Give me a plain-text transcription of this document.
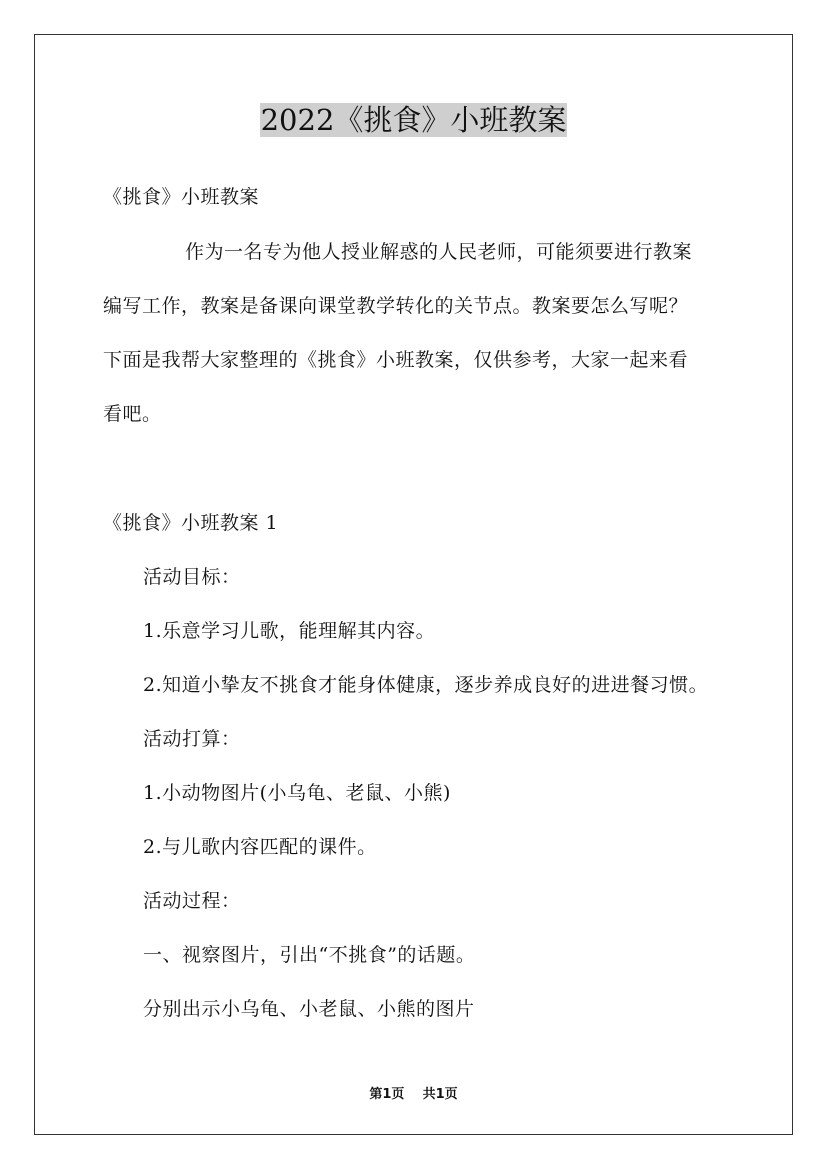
2022《挑食》小班教案
《挑食》小班教案
作为一名专为他人授业解惑的人民老师，可能须要进行教案
编写工作，教案是备课向课堂教学转化的关节点。教案要怎么写呢？
下面是我帮大家整理的《挑食》小班教案，仅供参考，大家一起来看
看吧。
《挑食》小班教案 1
活动目标：
1.乐意学习儿歌，能理解其内容。
2.知道小挚友不挑食才能身体健康，逐步养成良好的进进餐习惯。
活动打算：
1.小动物图片(小乌龟、老鼠、小熊)
2.与儿歌内容匹配的课件。
活动过程：
一、视察图片，引出“不挑食”的话题。
分别出示小乌龟、小老鼠、小熊的图片
第1页 共1页
